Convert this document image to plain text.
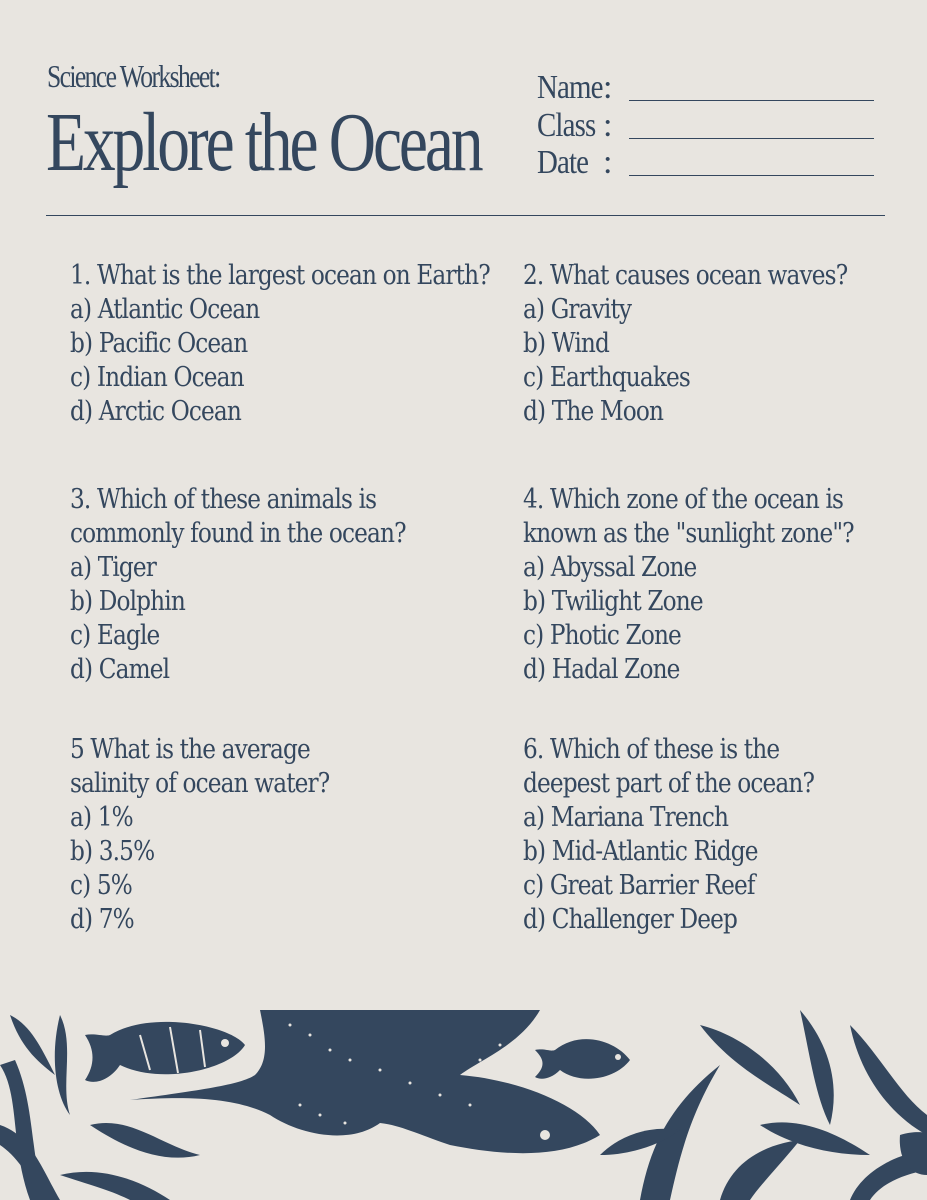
Science Worksheet:
Explore the Ocean
Name:
Class :
Date :
1. What is the largest ocean on Earth?
a) Atlantic Ocean
b) Pacific Ocean
c) Indian Ocean
d) Arctic Ocean
2. What causes ocean waves?
a) Gravity
b) Wind
c) Earthquakes
d) The Moon
3. Which of these animals is
commonly found in the ocean?
a) Tiger
b) Dolphin
c) Eagle
d) Camel
4. Which zone of the ocean is
known as the "sunlight zone"?
a) Abyssal Zone
b) Twilight Zone
c) Photic Zone
d) Hadal Zone
5 What is the average
salinity of ocean water?
a) 1%
b) 3.5%
c) 5%
d) 7%
6. Which of these is the
deepest part of the ocean?
a) Mariana Trench
b) Mid-Atlantic Ridge
c) Great Barrier Reef
d) Challenger Deep
